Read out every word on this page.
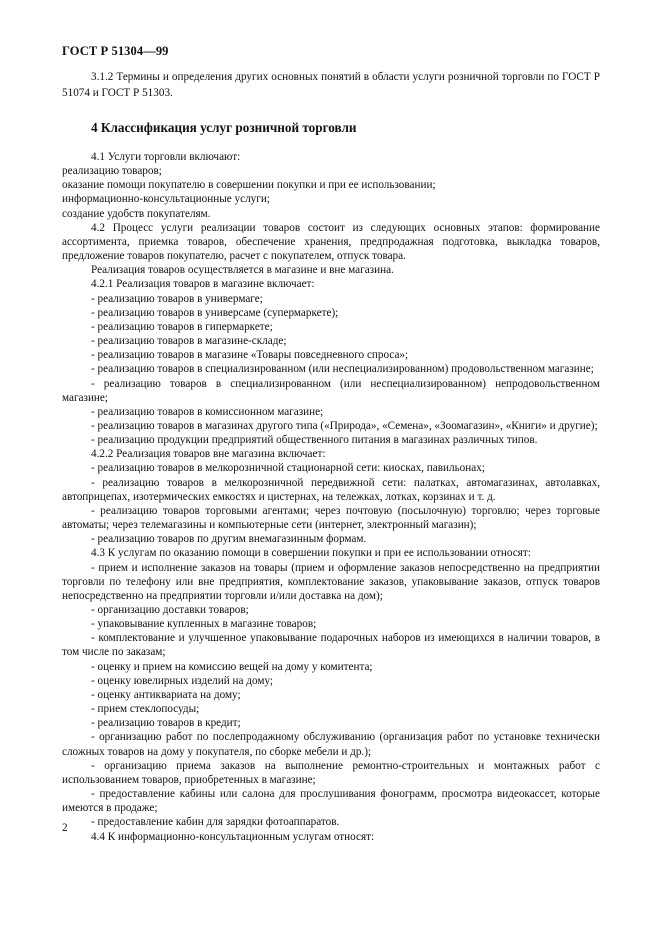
ГОСТ Р 51304—99
3.1.2 Термины и определения других основных понятий в области услуги розничной торговли по ГОСТ Р 51074 и ГОСТ Р 51303.
4 Классификация услуг розничной торговли

4.1 Услуги торговли включают:

реализацию товаров;

оказание помощи покупателю в совершении покупки и при ее использовании;

информационно-консультационные услуги;

создание удобств покупателям.

4.2 Процесс услуги реализации товаров состоит из следующих основных этапов: формирование ассортимента, приемка товаров, обеспечение хранения, предпродажная подготовка, выкладка товаров, предложение товаров покупателю, расчет с покупателем, отпуск товара.

Реализация товаров осуществляется в магазине и вне магазина.

4.2.1 Реализация товаров в магазине включает:

- реализацию товаров в универмаге;

- реализацию товаров в универсаме (супермаркете);

- реализацию товаров в гипермаркете;

- реализацию товаров в магазине-складе;

- реализацию товаров в магазине «Товары повседневного спроса»;

- реализацию товаров в специализированном (или неспециализированном) продовольственном магазине;

- реализацию товаров в специализированном (или неспециализированном) непродовольственном магазине;

- реализацию товаров в комиссионном магазине;

- реализацию товаров в магазинах другого типа («Природа», «Семена», «Зоомагазин», «Книги» и другие);

- реализацию продукции предприятий общественного питания в магазинах различных типов.

4.2.2 Реализация товаров вне магазина включает:

- реализацию товаров в мелкорозничной стационарной сети: киосках, павильонах;

- реализацию товаров в мелкорозничной передвижной сети: палатках, автомагазинах, автолавках, автоприцепах, изотермических емкостях и цистернах, на тележках, лотках, корзинах и т. д.

- реализацию товаров торговыми агентами; через почтовую (посылочную) торговлю; через торговые автоматы; через телемагазины и компьютерные сети (интернет, электронный магазин);

- реализацию товаров по другим внемагазинным формам.

4.3 К услугам по оказанию помощи в совершении покупки и при ее использовании относят:

- прием и исполнение заказов на товары (прием и оформление заказов непосредственно на предприятии торговли по телефону или вне предприятия, комплектование заказов, упаковывание заказов, отпуск товаров непосредственно на предприятии торговли и/или доставка на дом);

- организацию доставки товаров;

- упаковывание купленных в магазине товаров;

- комплектование и улучшенное упаковывание подарочных наборов из имеющихся в наличии товаров, в том числе по заказам;

- оценку и прием на комиссию вещей на дому у комитента;

- оценку ювелирных изделий на дому;

- оценку антиквариата на дому;

- прием стеклопосуды;

- реализацию товаров в кредит;

- организацию работ по послепродажному обслуживанию (организация работ по установке технически сложных товаров на дому у покупателя, по сборке мебели и др.);

- организацию приема заказов на выполнение ремонтно-строительных и монтажных работ с использованием товаров, приобретенных в магазине;

- предоставление кабины или салона для прослушивания фонограмм, просмотра видеокассет, которые имеются в продаже;

- предоставление кабин для зарядки фотоаппаратов.

4.4 К информационно-консультационным услугам относят:

2
